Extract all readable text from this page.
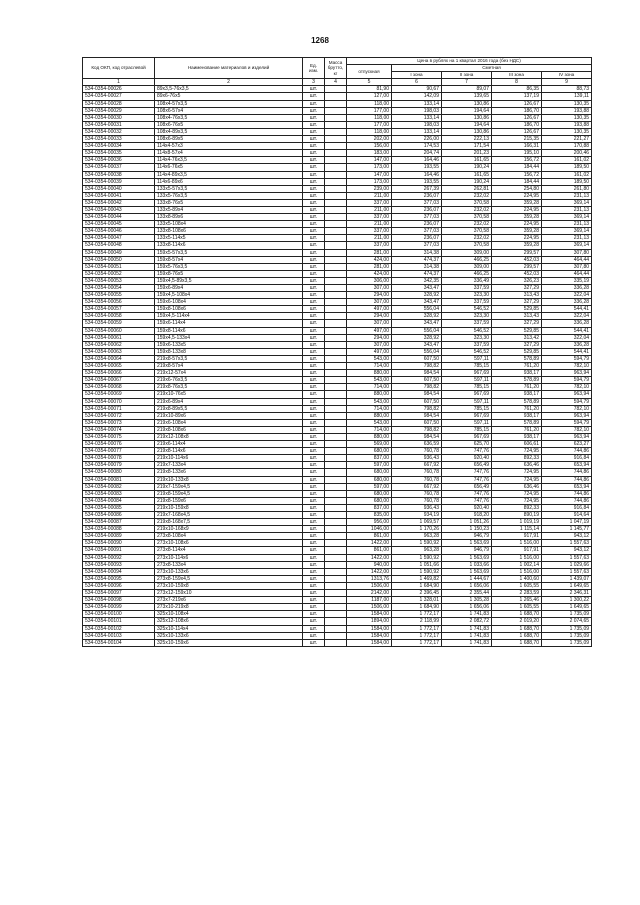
1268
Код ОКП, код отраслевой	Наименование материалов и изделий	Ед. изм.	Масса брутто, кг	Цена в рублях на 1 квартал 2016 года (без НДС)				
				отпускная	Сметная			
					I зона	II зона	III зона	IV зона
1	2	3	4	5	6	7	8	9
534-0354-00026	89x3,5-76x3,5	шт.		81,90	90,67	89,07	86,35	88,73
534-0354-00027	89x6-76x5	шт.		127,00	142,09	139,65	137,19	139,11
534-0354-00028	108x4-57x3,5	шт.		118,00	133,14	130,86	126,67	130,35
534-0354-00029	108x6-57x4	шт.		177,00	198,03	194,64	186,70	193,88
534-0354-00030	108x4-76x3,5	шт.		118,00	133,14	130,86	126,67	130,35
534-0354-00031	108x6-76x5	шт.		177,00	198,03	194,64	186,70	193,88
534-0354-00032	108x4-89x3,5	шт.		118,00	133,14	130,86	126,67	130,35
534-0354-00033	108x6-89x5	шт.		202,00	226,00	222,13	215,35	221,27
534-0354-00034	114x4-57x3	шт.		156,00	174,53	171,54	166,31	170,88
534-0354-00035	114x8-57x4	шт.		183,00	204,74	201,23	195,10	200,46
534-0354-00036	114x4-76x3,5	шт.		147,00	164,46	161,65	156,72	161,02
534-0354-00037	114x6-76x5	шт.		173,00	193,55	190,24	184,44	189,50
534-0354-00038	114x4-89x3,5	шт.		147,00	164,46	161,65	156,72	161,02
534-0354-00039	114x6-89x6	шт.		173,00	193,55	190,24	184,44	189,50
534-0354-00040	133x5-57x3,5	шт.		239,00	267,39	262,81	254,80	261,80
534-0354-00041	133x5-76x3,5	шт.		211,00	236,07	232,02	224,95	231,13
534-0354-00042	133x8-76x5	шт.		337,00	377,03	370,58	359,28	369,14
534-0354-00043	133x5-89x4	шт.		211,00	236,07	232,02	224,95	231,13
534-0354-00044	133x8-89x6	шт.		337,00	377,03	370,58	359,28	369,14
534-0354-00045	133x5-108x4	шт.		211,00	236,07	232,02	224,95	231,13
534-0354-00046	133x8-108x6	шт.		337,00	377,03	370,58	359,28	369,14
534-0354-00047	133x5-114x5	шт.		211,00	236,07	232,02	224,95	231,13
534-0354-00048	133x8-114x6	шт.		337,00	377,03	370,58	359,28	369,14
534-0354-00049	159x5-57x3,5	шт.		281,00	314,38	309,00	299,57	307,80
534-0354-00050	159x8-57x4	шт.		424,00	474,37	466,25	452,03	464,44
534-0354-00051	159x5-76x3,5	шт.		281,00	314,38	309,00	299,57	307,80
534-0354-00052	159x8-76x5	шт.		424,00	474,37	466,25	452,03	464,44
534-0354-00053	159x4,5-89x3,5	шт.		306,00	342,35	336,49	326,23	335,19
534-0354-00054	159x6-89x4	шт.		307,00	343,47	337,59	327,29	336,28
534-0354-00055	159x4,5-108x4	шт.		294,00	328,92	323,30	313,43	322,04
534-0354-00056	159x6-108x4	шт.		307,00	343,47	337,59	327,29	336,28
534-0354-00057	159x8-108x6	шт.		497,00	556,04	546,52	529,85	544,41
534-0354-00058	159x4,5-114x4	шт.		294,00	328,92	323,30	313,43	322,04
534-0354-00059	159x6-114x4	шт.		307,00	343,47	337,59	327,29	336,28
534-0354-00060	159x8-114x6	шт.		497,00	556,04	546,52	529,85	544,41
534-0354-00061	159x4,5-133x4	шт.		294,00	328,92	323,30	313,42	322,04
534-0354-00062	159x6-133x5	шт.		307,00	343,47	337,59	327,29	336,28
534-0354-00063	159x8-133x8	шт.		497,00	556,04	546,52	529,85	544,41
534-0354-00064	219x8-57x3,5	шт.		543,00	607,50	597,11	578,89	594,79
534-0354-00065	219x8-57x4	шт.		714,00	798,82	785,15	761,20	782,10
534-0354-00066	219x12-57x4	шт.		880,00	984,54	967,69	938,17	963,94
534-0354-00067	219x6-76x3,5	шт.		543,00	607,50	597,11	578,89	594,79
534-0354-00068	219x8-76x3,5	шт.		714,00	798,82	785,15	761,20	782,10
534-0354-00069	219x10-76x5	шт.		880,00	984,54	967,69	938,17	963,94
534-0354-00070	219x6-89x4	шт.		543,00	607,50	597,11	578,89	594,79
534-0354-00071	219x8-89x5,5	шт.		714,00	798,82	785,15	761,20	782,10
534-0354-00072	219x10-89x6	шт.		880,00	984,54	967,69	938,17	963,94
534-0354-00073	219x6-108x4	шт.		543,00	607,50	597,11	578,89	594,79
534-0354-00074	219x8-108x6	шт.		714,00	798,82	785,15	761,20	782,10
534-0354-00075	219x12-108x8	шт.		880,00	984,54	967,69	938,17	963,94
534-0354-00076	219x6-114x4	шт.		569,00	636,59	625,70	606,61	623,27
534-0354-00077	219x8-114x6	шт.		680,00	760,78	747,76	724,95	744,86
534-0354-00078	219x10-114x6	шт.		837,00	936,43	920,40	892,33	916,84
534-0354-00079	219x7-133x4	шт.		597,00	667,92	656,49	636,46	653,94
534-0354-00080	219x8-133x6	шт.		680,00	760,78	747,76	724,95	744,86
534-0354-00081	219x10-133x8	шт.		680,00	760,78	747,76	724,95	744,86
534-0354-00082	219x7-159x4,5	шт.		597,00	667,92	656,49	636,46	653,94
534-0354-00083	219x8-159x4,5	шт.		680,00	760,78	747,76	724,95	744,86
534-0354-00084	219x8-159x6	шт.		680,00	760,78	747,76	724,95	744,86
534-0354-00085	219x10-159x8	шт.		837,00	936,43	920,40	892,33	916,84
534-0354-00086	219x7-168x4,5	шт.		835,00	934,19	918,20	890,19	914,64
534-0354-00087	219x8-168x7,5	шт.		956,00	1 069,57	1 051,26	1 019,19	1 047,19
534-0354-00088	219x10-168x9	шт.		1046,00	1 170,26	1 150,23	1 115,14	1 145,77
534-0354-00089	273x8-108x4	шт.		861,00	963,28	946,79	917,91	943,12
534-0354-00090	273x10-108x6	шт.		1422,00	1 590,92	1 563,69	1 516,00	1 557,63
534-0354-00091	273x8-114x4	шт.		861,00	963,28	946,79	917,91	943,12
534-0354-00092	273x10-114x6	шт.		1422,00	1 590,92	1 563,69	1 516,00	1 557,63
534-0354-00093	273x8-133x4	шт.		940,00	1 051,66	1 033,66	1 002,14	1 029,66
534-0354-00094	273x10-133x6	шт.		1422,00	1 590,92	1 563,69	1 516,00	1 557,63
534-0354-00095	273x8-159x4,5	шт.		1313,76	1 469,82	1 444,67	1 400,60	1 439,07
534-0354-00096	273x10-159x8	шт.		1506,00	1 684,90	1 656,06	1 605,55	1 649,65
534-0354-00097	273x12-159x10	шт.		2142,00	2 396,45	2 355,44	2 283,59	2 346,31
534-0354-00098	273x7-219x6	шт.		1187,00	1 328,01	1 305,28	1 265,46	1 300,22
534-0354-00099	273x10-219x8	шт.		1506,00	1 684,90	1 656,06	1 605,55	1 649,65
534-0354-00100	325x10-108x4	шт.		1584,00	1 772,17	1 741,83	1 688,70	1 735,09
534-0354-00101	325x12-108x6	шт.		1894,00	2 118,99	2 082,72	2 019,20	2 074,65
534-0354-00102	325x10-114x4	шт.		1584,00	1 772,17	1 741,83	1 688,70	1 735,09
534-0354-00103	325x10-133x6	шт.		1584,00	1 772,17	1 741,83	1 688,70	1 735,09
534-0354-00104	325x10-159x6	шт.		1584,00	1 772,17	1 741,83	1 688,70	1 735,09
